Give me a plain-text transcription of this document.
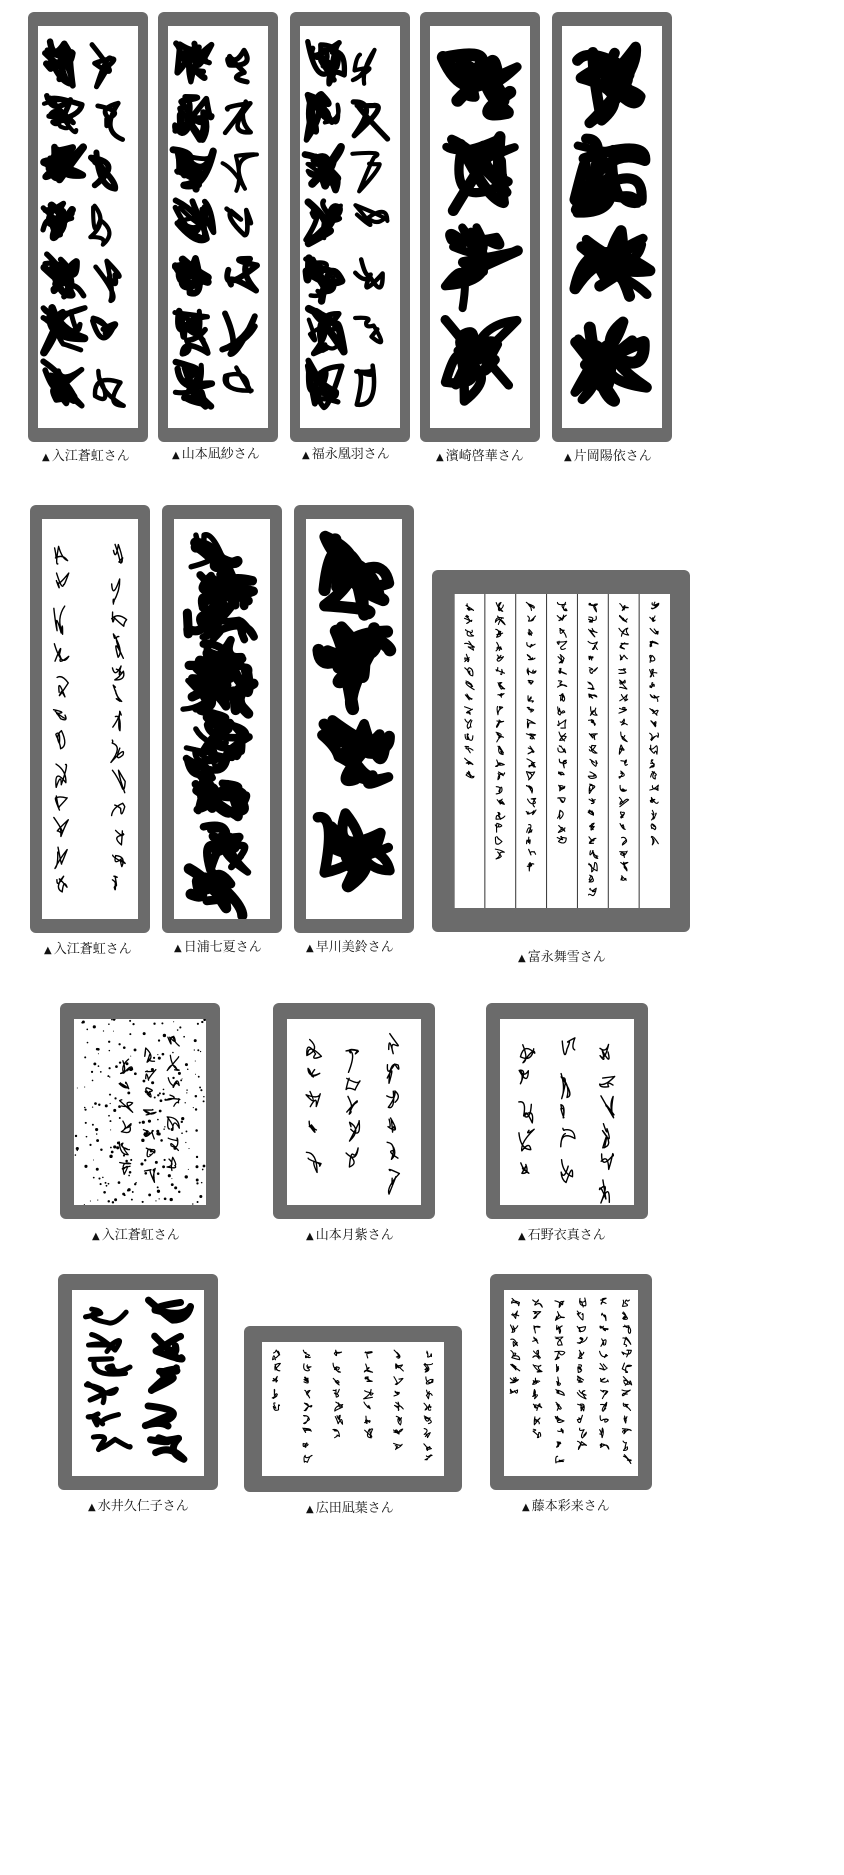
▲ 入江蒼虹さん	▲ 山本凪紗さん	▲ 福永凰羽さん	▲ 濱崎啓華さん	▲ 片岡陽依さん
▲ 入江蒼虹さん	▲ 日浦七夏さん	▲ 早川美鈴さん
▲ 富永舞雪さん
▲ 入江蒼虹さん	▲ 山本月紫さん	▲ 石野衣真さん
▲ 水井久仁子さん	▲ 広田凪葉さん	▲ 藤本彩来さん
